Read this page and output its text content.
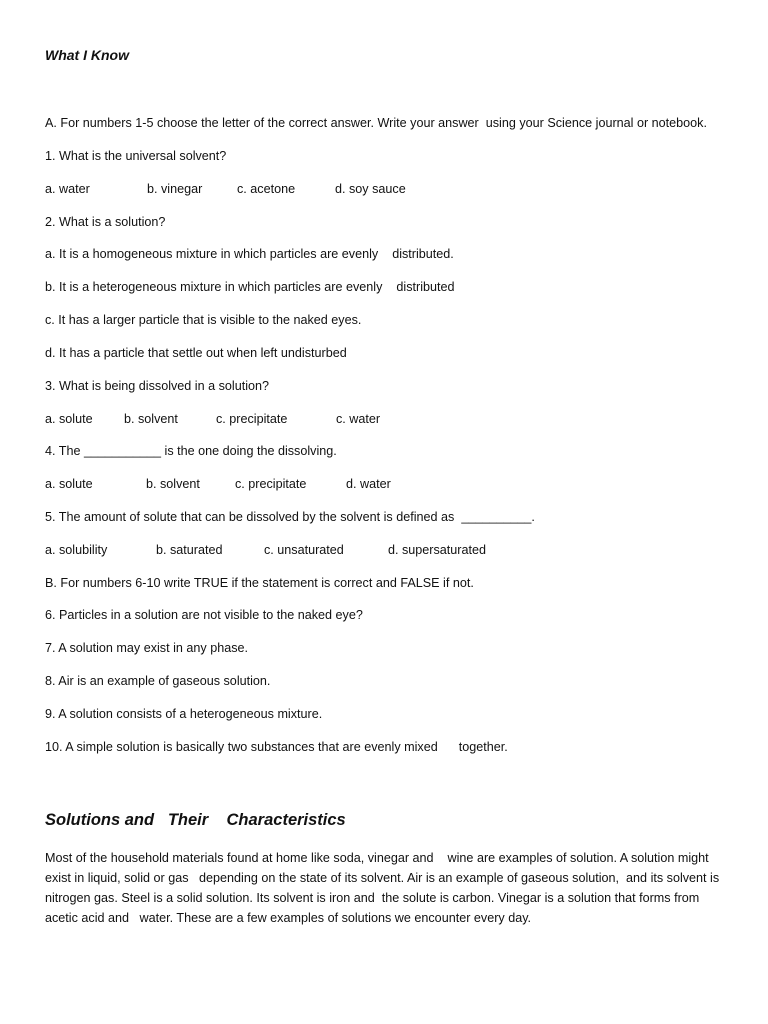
What I Know
A. For numbers 1-5 choose the letter of the correct answer. Write your answer  using your Science journal or notebook.
1. What is the universal solvent?
a. water	b. vinegar	c. acetone	d. soy sauce
2. What is a solution?
a. It is a homogeneous mixture in which particles are evenly    distributed.
b. It is a heterogeneous mixture in which particles are evenly    distributed
c. It has a larger particle that is visible to the naked eyes.
d. It has a particle that settle out when left undisturbed
3. What is being dissolved in a solution?
a. solute b. solvent	c. precipitate	c. water
4. The ___________ is the one doing the dissolving.
a. solute	b. solvent	c. precipitate	d. water
5. The amount of solute that can be dissolved by the solvent is defined as  __________.
a. solubility	b. saturated	c. unsaturated	d. supersaturated
B. For numbers 6-10 write TRUE if the statement is correct and FALSE if not.
6. Particles in a solution are not visible to the naked eye?
7. A solution may exist in any phase.
8. Air is an example of gaseous solution.
9. A solution consists of a heterogeneous mixture.
10. A simple solution is basically two substances that are evenly mixed      together.
Solutions and   Their    Characteristics
Most of the household materials found at home like soda, vinegar and    wine are examples of solution. A solution might
exist in liquid, solid or gas   depending on the state of its solvent. Air is an example of gaseous solution,  and its solvent is
nitrogen gas. Steel is a solid solution. Its solvent is iron and  the solute is carbon. Vinegar is a solution that forms from
acetic acid and   water. These are a few examples of solutions we encounter every day.
